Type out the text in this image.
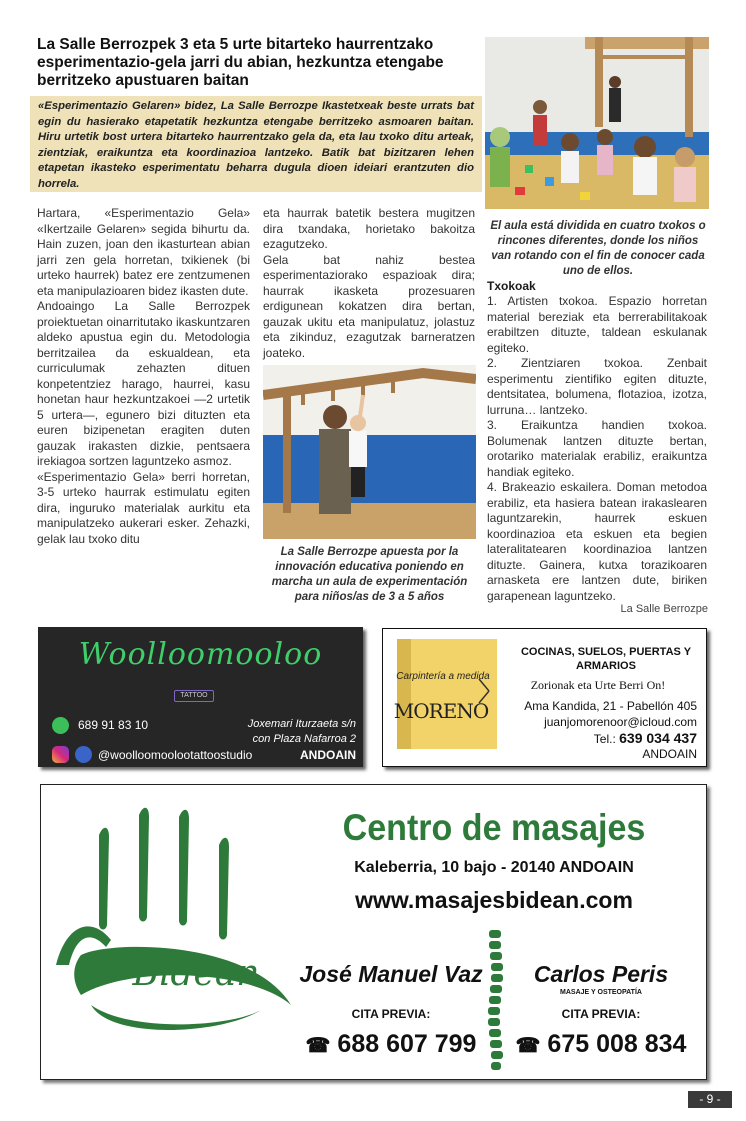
La Salle Berrozpek 3 eta 5 urte bitarteko haurrentzako esperimentazio-gela jarri du abian, hezkuntza etengabe berritzeko apustuaren baitan
«Esperimentazio Gelaren» bidez, La Salle Berrozpe Ikastetxeak beste urrats bat egin du hasierako etapetatik hezkuntza etengabe berritzeko asmoaren baitan. Hiru urtetik bost urtera bitarteko haurrentzako gela da, eta lau txoko ditu arteak, zientziak, eraikuntza eta koordinazioa lantzeko. Batik bat bizitzaren lehen etapetan ikasteko esperimentatu beharra dugula dioen ideiari erantzuten dio horrela.

Hartara, «Esperimentazio Gela» «Ikertzaile Gelaren» segida bihurtu da. Hain zuzen, joan den ikasturtean abian jarri zen gela horretan, txikienek (bi urteko haurrek) batez ere zentzumenen eta manipulazioaren bidez ikasten dute.

Andoaingo La Salle Berrozpek proiektuetan oinarritutako ikaskuntzaren aldeko apustua egin du. Metodologia berritzailea da eskualdean, eta curriculumak zehazten dituen konpetentziez harago, haurrei, kasu honetan haur hezkuntzakoei —2 urtetik 5 urtera—, egunero bizi dituzten eta euren bizipenetan eragiten duten gauzak irakasten dizkie, pentsaera irekiagoa sortzen laguntzeko asmoz.

«Esperimentazio Gela» berri horretan, 3-5 urteko haurrak estimulatu egiten dira, inguruko materialak aurkitu eta manipulatzeko aukerari esker. Zehazki, gelak lau txoko ditu

eta haurrak batetik bestera mugitzen dira txandaka, horietako bakoitza ezagutzeko.

Gela bat nahiz bestea esperimentaziorako espazioak dira; haurrak ikasketa prozesuaren erdigunean kokatzen dira bertan, gauzak ukitu eta manipulatuz, jolastuz eta zikinduz, ezagutzak barneratzen joateko.

El aula está dividida en cuatro txokos o rincones diferentes, donde los niños van rotando con el fin de conocer cada uno de ellos.
La Salle Berrozpe apuesta por la innovación educativa poniendo en marcha un aula de experimentación para niños/as de 3 a 5 años

Txokoak

1. Artisten txokoa. Espazio horretan material bereziak eta berrerabilitakoak erabiltzen dituzte, taldean eskulanak egiteko.

2. Zientziaren txokoa. Zenbait esperimentu zientifiko egiten dituzte, dentsitatea, bolumena, flotazioa, izotza, lurruna… lantzeko.

3. Eraikuntza handien txokoa. Bolumenak lantzen dituzte bertan, orotariko materialak erabiliz, eraikuntza handiak egiteko.

4. Brakeazio eskailera. Doman metodoa erabiliz, eta hasiera batean irakaslearen laguntzarekin, haurrek eskuen koordinazioa eta eskuen eta begien lateralitatearen koordinazioa lantzen dituzte. Gainera, kutxa torazikoaren arnasketa ere lantzen dute, biriken garapenean laguntzeko.

La Salle Berrozpe
Woolloomooloo
TATTOO
689 91 83 10	Joxemari Iturzaeta s/n
con Plaza Nafarroa 2
@woolloomoolootattoostudio	ANDOAIN
Carpintería a medida
MORENO
COCINAS, SUELOS, PUERTAS Y ARMARIOS
Zorionak eta Urte Berri On!
Ama Kandida, 21 - Pabellón 405
juanjomorenoor@icloud.com
Tel.: 639 034 437
ANDOAIN
Bidean
Centro de masajes
Kaleberria, 10 bajo - 20140 ANDOAIN
www.masajesbidean.com
José Manuel Vaz
CITA PREVIA:
☎ 688 607 799
Carlos Peris
MASAJE Y OSTEOPATÍA
CITA PREVIA:
☎ 675 008 834
- 9 -
